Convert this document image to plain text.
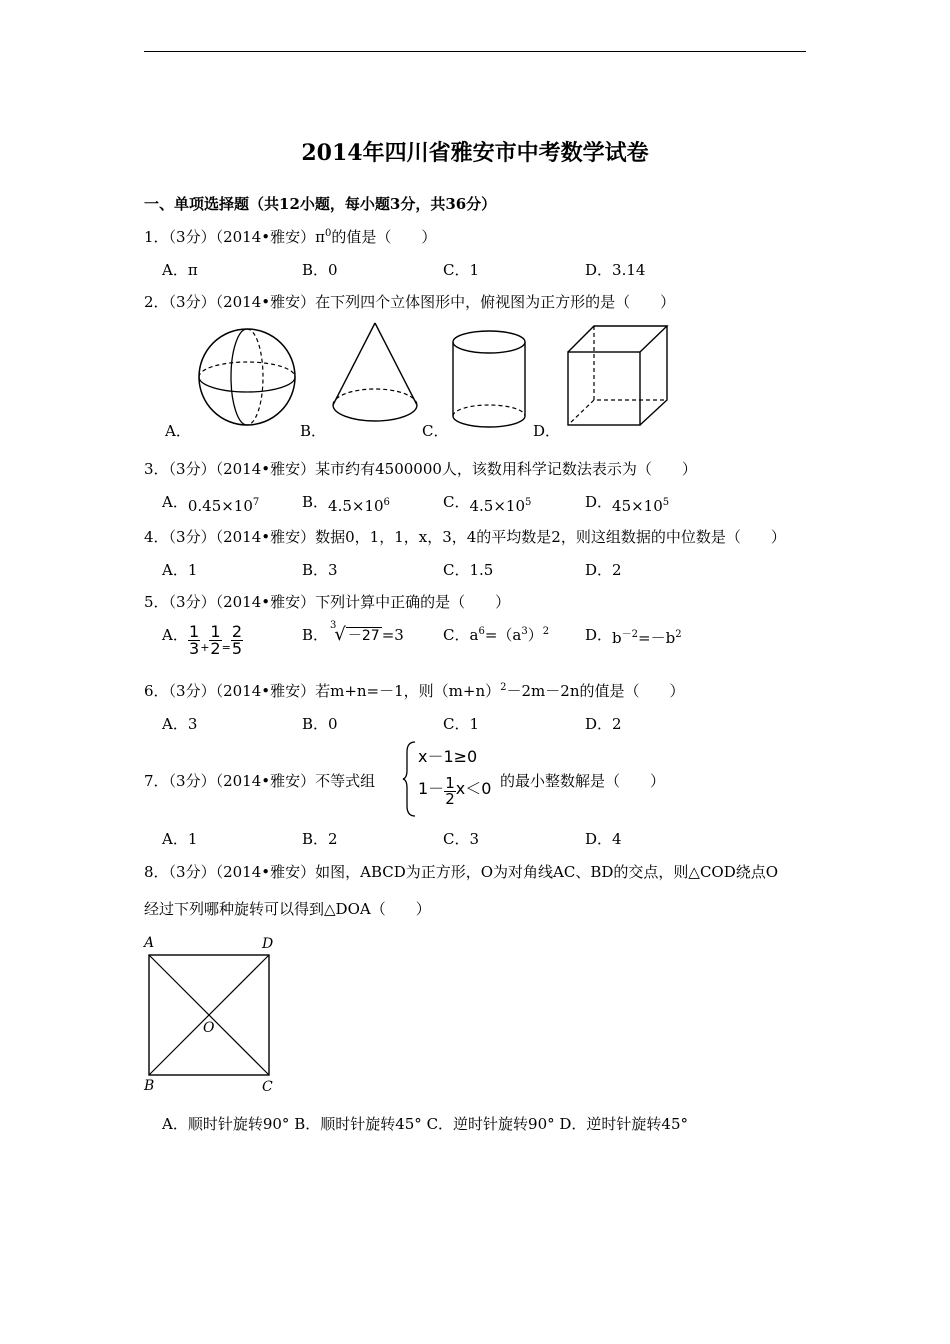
2014年四川省雅安市中考数学试卷
一、单项选择题（共12小题，每小题3分，共36分）
1．（3分）（2014•雅安）$\pi^0$的值是（　　）
A．π	B．0	C．1	D．3.14
2．（3分）（2014•雅安）在下列四个立体图形中，俯视图为正方形的是（　　）
A．	B．	C．	D．
3．（3分）（2014•雅安）某市约有4500000人，该数用科学记数法表示为（　　）
A．$0.45\times 10^7$	B．$4.5\times 10^6$	C．$4.5\times 10^5$	D．$45\times 10^5$
4．（3分）（2014•雅安）数据0，1，1，x，3，4的平均数是2，则这组数据的中位数是（　　）
A．1	B．3	C．1.5	D．2
5．（3分）（2014•雅安）下列计算中正确的是（　　）
A． $\frac{1}{3} _+ \frac{1}{2} _= \frac{2}{5}$	B．$^3$√ －27 =3	C．$a^6=(a^3)^2$ D．$b^{-2}=-b^2$
6．（3分）（2014•雅安）若m+n=－1，则$(m+n)^2-2m-2n$的值是（　　）
A．3	B．0	C．1	D．2
7．（3分）（2014•雅安）不等式组
x－1≥0
$1- \frac{1}{2} x<0$ 的最小整数解是（　　）
A．1	B．2	C．3	D．4
8．（3分）（2014•雅安）如图，ABCD为正方形，O为对角线AC、BD的交点，则△COD绕点O
经过下列哪种旋转可以得到△DOA（　　）
A	D
O
B	C
A．顺时针旋转90° B．顺时针旋转45° C．逆时针旋转90° D．逆时针旋转45°
